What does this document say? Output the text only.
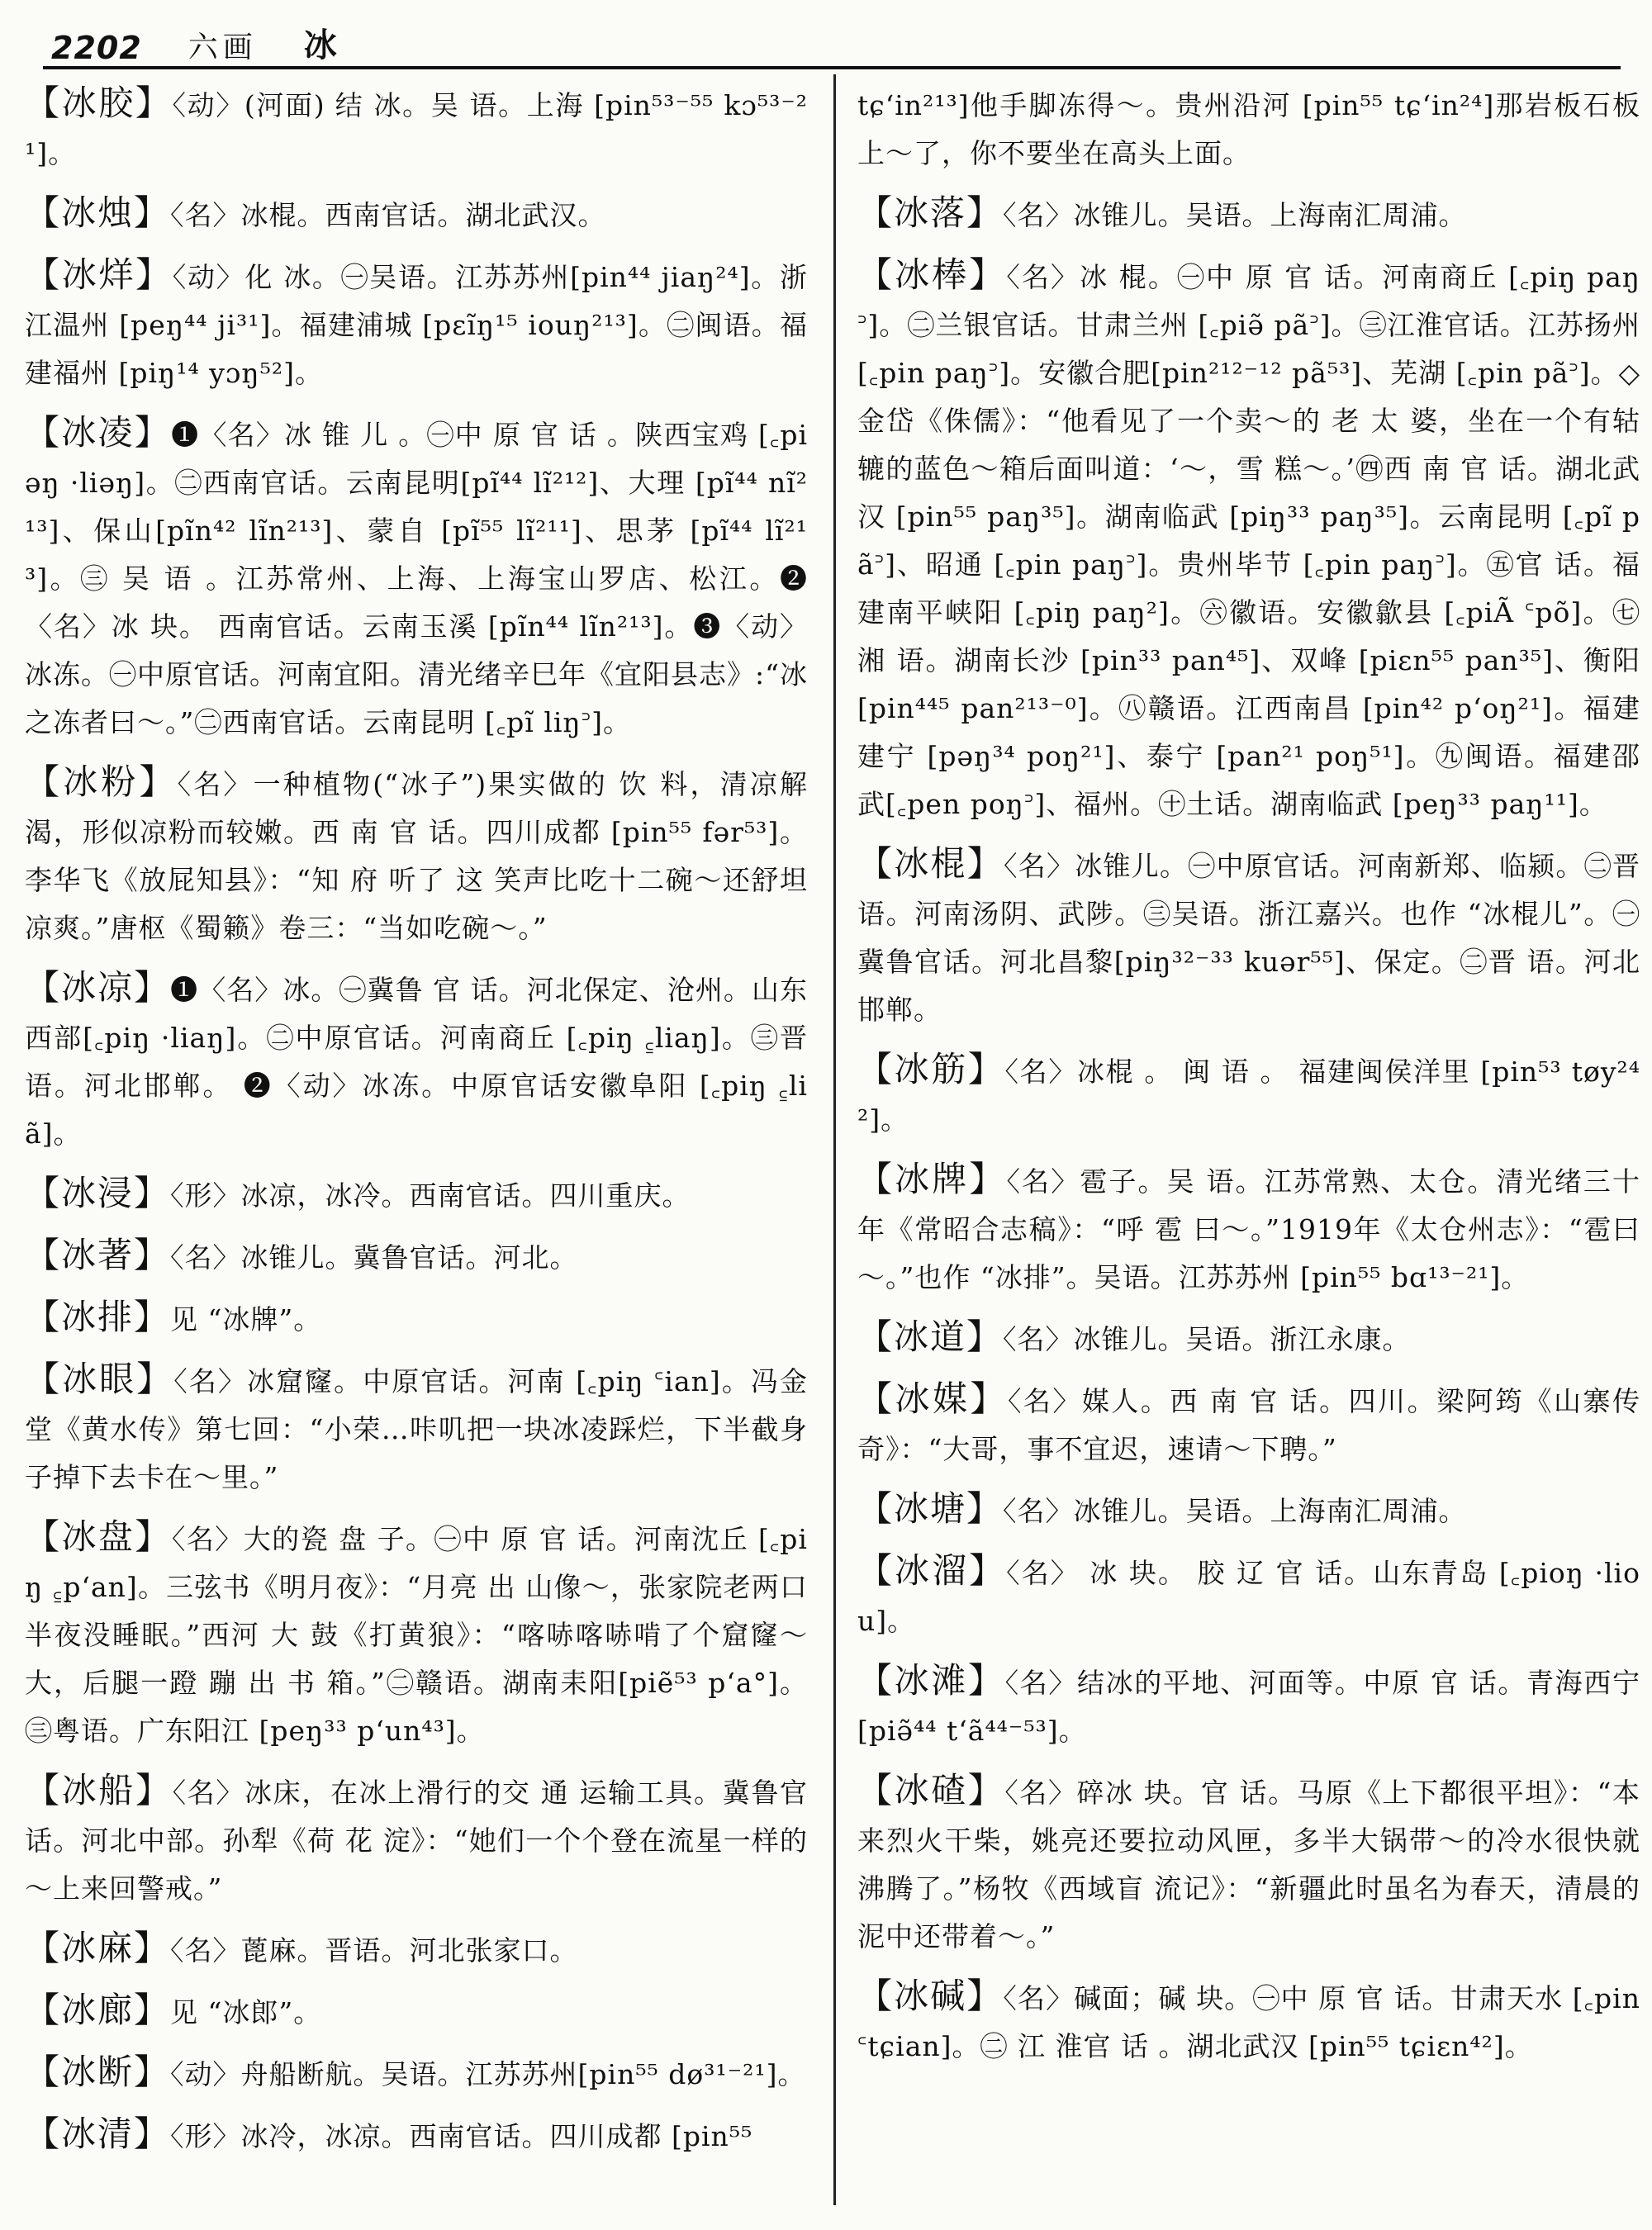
2202 六画 冰

【冰胶】〈动〉(河面) 结 冰。吴 语。上海 [pin⁵³⁻⁵⁵ kɔ⁵³⁻²¹]。

【冰烛】〈名〉冰棍。西南官话。湖北武汉。

【冰烊】〈动〉化 冰。㊀吴语。江苏苏州[pin⁴⁴ jiaŋ²⁴]。浙江温州 [peŋ⁴⁴ ji³¹]。福建浦城 [pɛĩŋ¹⁵ iouŋ²¹³]。㊁闽语。福建福州 [piŋ¹⁴ yɔŋ⁵²]。

【冰凌】❶〈名〉冰 锥 儿 。㊀中 原 官 话 。陕西宝鸡 [꜀piəŋ ·liəŋ]。㊁西南官话。云南昆明[pĩ⁴⁴ lĩ²¹²]、大理 [pĩ⁴⁴ nĩ²¹³]、保山[pĩn⁴² lĩn²¹³]、蒙自 [pĩ⁵⁵ lĩ²¹¹]、思茅 [pĩ⁴⁴ lĩ²¹³]。㊂ 吴 语 。江苏常州、上海、上海宝山罗店、松江。❷〈名〉冰 块。 西南官话。云南玉溪 [pĩn⁴⁴ lĩn²¹³]。❸〈动〉冰冻。㊀中原官话。河南宜阳。清光绪辛巳年《宜阳县志》:“冰之冻者曰～。”㊁西南官话。云南昆明 [꜀pĩ liŋ꜄]。

【冰粉】〈名〉一种植物(“冰子”)果实做的 饮 料，清凉解渴，形似凉粉而较嫩。西 南 官 话。四川成都 [pin⁵⁵ fər⁵³]。李华飞《放屁知县》：“知 府 听了 这 笑声比吃十二碗～还舒坦凉爽。”唐枢《蜀籁》卷三：“当如吃碗～。”

【冰凉】❶〈名〉冰。㊀冀鲁 官 话。河北保定、沧州。山东西部[꜀piŋ ·liaŋ]。㊁中原官话。河南商丘 [꜀piŋ ꜁liaŋ]。㊂晋语。河北邯郸。 ❷〈动〉冰冻。中原官话安徽阜阳 [꜀piŋ ꜁liã]。

【冰浸】〈形〉冰凉，冰冷。西南官话。四川重庆。

【冰著】〈名〉冰锥儿。冀鲁官话。河北。

【冰排】见 “冰牌”。

【冰眼】〈名〉冰窟窿。中原官话。河南 [꜀piŋ ꜂ian]。冯金堂《黄水传》第七回：“小荣…咔叽把一块冰凌踩烂，下半截身子掉下去卡在～里。”

【冰盘】〈名〉大的瓷 盘 子。㊀中 原 官 话。河南沈丘 [꜀piŋ ꜁p‘an]。三弦书《明月夜》：“月亮 出 山像～，张家院老两口半夜没睡眠。”西河 大 鼓《打黄狼》：“喀哧喀哧啃了个窟窿～大，后腿一蹬 蹦 出 书 箱。”㊁赣语。湖南耒阳[piẽ⁵³ p‘a°]。㊂粤语。广东阳江 [peŋ³³ p‘un⁴³]。

【冰船】〈名〉冰床，在冰上滑行的交 通 运输工具。冀鲁官话。河北中部。孙犁《荷 花 淀》：“她们一个个登在流星一样的～上来回警戒。”

【冰麻】〈名〉蓖麻。晋语。河北张家口。

【冰廊】见 “冰郎”。

【冰断】〈动〉舟船断航。吴语。江苏苏州[pin⁵⁵ dø³¹⁻²¹]。

【冰清】〈形〉冰冷，冰凉。西南官话。四川成都 [pin⁵⁵

tɕ‘in²¹³]他手脚冻得～。贵州沿河 [pin⁵⁵ tɕ‘in²⁴]那岩板石板上～了，你不要坐在高头上面。

【冰落】〈名〉冰锥儿。吴语。上海南汇周浦。

【冰棒】〈名〉冰 棍。㊀中 原 官 话。河南商丘 [꜀piŋ paŋ꜄]。㊁兰银官话。甘肃兰州 [꜀piə̃ pã꜄]。㊂江淮官话。江苏扬州[꜀pin paŋ꜄]。安徽合肥[pin²¹²⁻¹² pã⁵³]、芜湖 [꜀pin pã꜄]。◇金岱《侏儒》：“他看见了一个卖～的 老 太 婆，坐在一个有轱辘的蓝色～箱后面叫道：‘～，雪 糕～。’㊃西 南 官 话。湖北武汉 [pin⁵⁵ paŋ³⁵]。湖南临武 [piŋ³³ paŋ³⁵]。云南昆明 [꜀pĩ pã꜄]、昭通 [꜀pin paŋ꜄]。贵州毕节 [꜀pin paŋ꜄]。㊄官 话。福建南平峡阳 [꜀piŋ paŋ²]。㊅徽语。安徽歙县 [꜀piÃ ꜂põ]。㊆ 湘 语。湖南长沙 [pin³³ pan⁴⁵]、双峰 [piɛn⁵⁵ pan³⁵]、衡阳 [pin⁴⁴⁵ pan²¹³⁻⁰]。㊇赣语。江西南昌 [pin⁴² p‘oŋ²¹]。福建建宁 [pəŋ³⁴ poŋ²¹]、泰宁 [pan²¹ poŋ⁵¹]。㊈闽语。福建邵武[꜀pen poŋ꜄]、福州。㊉土话。湖南临武 [peŋ³³ paŋ¹¹]。

【冰棍】〈名〉冰锥儿。㊀中原官话。河南新郑、临颍。㊁晋语。河南汤阴、武陟。㊂吴语。浙江嘉兴。也作 “冰棍儿”。㊀冀鲁官话。河北昌黎[piŋ³²⁻³³ kuər⁵⁵]、保定。㊁晋 语。河北邯郸。

【冰筋】〈名〉冰棍 。 闽 语 。 福建闽侯洋里 [pin⁵³ tøy²⁴²]。

【冰牌】〈名〉雹子。吴 语。江苏常熟、太仓。清光绪三十年《常昭合志稿》：“呼 雹 曰～。”1919年《太仓州志》：“雹曰～。”也作 “冰排”。吴语。江苏苏州 [pin⁵⁵ bɑ¹³⁻²¹]。

【冰道】〈名〉冰锥儿。吴语。浙江永康。

【冰媒】〈名〉媒人。西 南 官 话。四川。梁阿筠《山寨传奇》：“大哥，事不宜迟，速请～下聘。”

【冰塘】〈名〉冰锥儿。吴语。上海南汇周浦。

【冰溜】〈名〉 冰 块。 胶 辽 官 话。山东青岛 [꜀pioŋ ·liou]。

【冰滩】〈名〉结冰的平地、河面等。中原 官 话。青海西宁 [piə̃⁴⁴ t‘ã⁴⁴⁻⁵³]。

【冰碴】〈名〉碎冰 块。官 话。马原《上下都很平坦》：“本来烈火干柴，姚亮还要拉动风匣，多半大锅带～的冷水很快就沸腾了。”杨牧《西域盲 流记》：“新疆此时虽名为春天，清晨的泥中还带着～。”

【冰碱】〈名〉碱面；碱 块。㊀中 原 官 话。甘肃天水 [꜀pin ꜂tɕian]。㊁ 江 淮官 话 。湖北武汉 [pin⁵⁵ tɕiɛn⁴²]。
